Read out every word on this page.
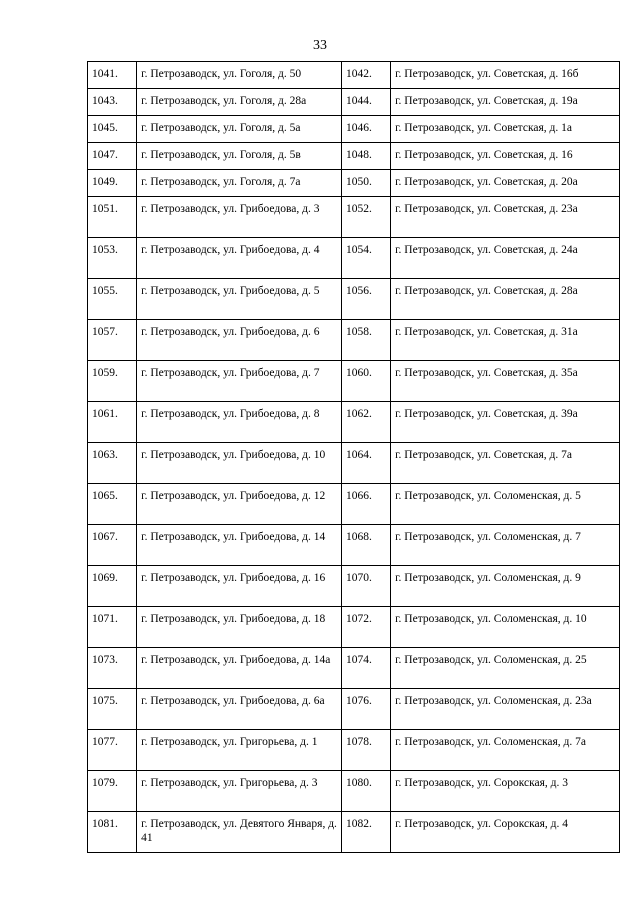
33
1041.	г. Петрозаводск, ул. Гоголя, д. 50	1042.	г. Петрозаводск, ул. Советская, д. 16б
1043.	г. Петрозаводск, ул. Гоголя, д. 28а	1044.	г. Петрозаводск, ул. Советская, д. 19а
1045.	г. Петрозаводск, ул. Гоголя, д. 5а	1046.	г. Петрозаводск, ул. Советская, д. 1а
1047.	г. Петрозаводск, ул. Гоголя, д. 5в	1048.	г. Петрозаводск, ул. Советская, д. 16
1049.	г. Петрозаводск, ул. Гоголя, д. 7а	1050.	г. Петрозаводск, ул. Советская, д. 20а
1051.	г. Петрозаводск, ул. Грибоедова, д. 3	1052.	г. Петрозаводск, ул. Советская, д. 23а
1053.	г. Петрозаводск, ул. Грибоедова, д. 4	1054.	г. Петрозаводск, ул. Советская, д. 24а
1055.	г. Петрозаводск, ул. Грибоедова, д. 5	1056.	г. Петрозаводск, ул. Советская, д. 28а
1057.	г. Петрозаводск, ул. Грибоедова, д. 6	1058.	г. Петрозаводск, ул. Советская, д. 31а
1059.	г. Петрозаводск, ул. Грибоедова, д. 7	1060.	г. Петрозаводск, ул. Советская, д. 35а
1061.	г. Петрозаводск, ул. Грибоедова, д. 8	1062.	г. Петрозаводск, ул. Советская, д. 39а
1063.	г. Петрозаводск, ул. Грибоедова, д. 10	1064.	г. Петрозаводск, ул. Советская, д. 7а
1065.	г. Петрозаводск, ул. Грибоедова, д. 12	1066.	г. Петрозаводск, ул. Соломенская, д. 5
1067.	г. Петрозаводск, ул. Грибоедова, д. 14	1068.	г. Петрозаводск, ул. Соломенская, д. 7
1069.	г. Петрозаводск, ул. Грибоедова, д. 16	1070.	г. Петрозаводск, ул. Соломенская, д. 9
1071.	г. Петрозаводск, ул. Грибоедова, д. 18	1072.	г. Петрозаводск, ул. Соломенская, д. 10
1073.	г. Петрозаводск, ул. Грибоедова, д. 14а	1074.	г. Петрозаводск, ул. Соломенская, д. 25
1075.	г. Петрозаводск, ул. Грибоедова, д. 6а	1076.	г. Петрозаводск, ул. Соломенская, д. 23а
1077.	г. Петрозаводск, ул. Григорьева, д. 1	1078.	г. Петрозаводск, ул. Соломенская, д. 7а
1079.	г. Петрозаводск, ул. Григорьева, д. 3	1080.	г. Петрозаводск, ул. Сорокская, д. 3
1081.	г. Петрозаводск, ул. Девятого Января, д. 41	1082.	г. Петрозаводск, ул. Сорокская, д. 4
